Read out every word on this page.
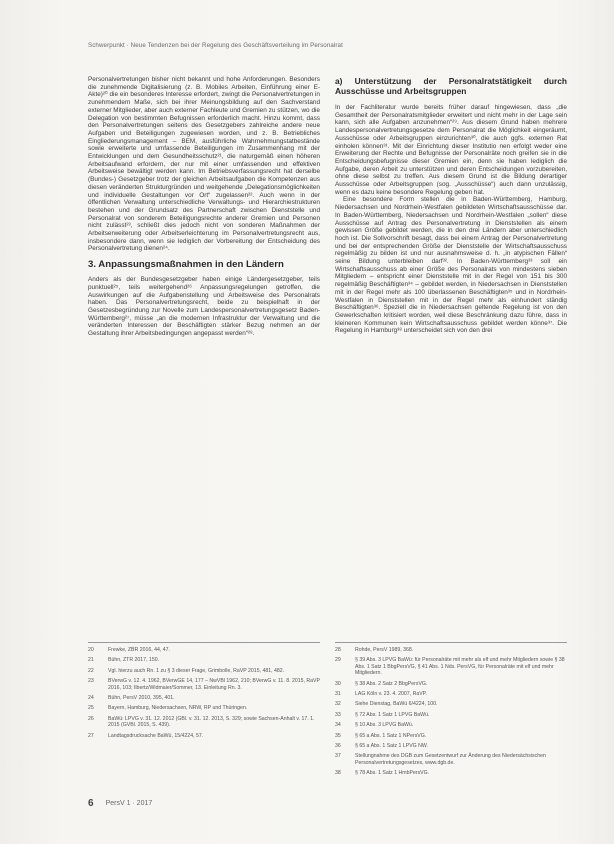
Schwerpunkt · Neue Tendenzen bei der Regelung des Geschäftsverteilung im Personalrat

Personalvertretungen bisher nicht bekannt und hohe Anforderungen. Besonders die zunehmende Digitalisierung (z. B. Mobiles Arbeiten, Einführung einer E-Akte)²⁰ die ein besonderes Interesse erfordert, zwingt die Personalvertretungen in zunehmendem Maße, sich bei ihrer Meinungsbildung auf den Sachverstand externer Mitglieder, aber auch externer Fachleute und Gremien zu stützen, wo die Delegation von bestimmten Befugnissen erforderlich macht. Hinzu kommt, dass den Personalvertretungen seitens des Gesetzgebers zahlreiche andere neue Aufgaben und Beteiligungen zugewiesen worden, und z. B. Betriebliches Eingliederungsmanagement – BEM, ausführliche Wahrnehmungstatbestände sowie erweiterte und umfassende Beteiligungen im Zusammenhang mit der Entwicklungen und dem Gesundheitsschutz²¹, die naturgemäß einen höheren Arbeitsaufwand erfordern, der nur mit einer umfassenden und effektiven Arbeitsweise bewältigt werden kann. Im Betriebsverfassungsrecht hat derselbe (Bundes-) Gesetzgeber trotz der gleichen Arbeitsaufgaben die Kompetenzen aus diesen veränderten Strukturgründen und weitgehende „Delegationsmöglichkeiten und individuelle Gestaltungen vor Ort“ zugelassen²². Auch wenn in der öffentlichen Verwaltung unterschiedliche Verwaltungs- und Hierarchiestrukturen bestehen und der Grundsatz des Partnerschaft zwischen Dienststelle und Personalrat von sonderem Beteiligungsrechte anderer Gremien und Personen nicht zulässt²³, schließt dies jedoch nicht von sonderen Maßnahmen der Arbeitserweiterung oder Arbeitserleichterung im Personalvertretungsrecht aus, insbesondere dann, wenn sie lediglich der Vorbereitung der Entscheidung des Personalvertretung dienen²⁴.

3. Anpassungsmaßnahmen in den Ländern

Anders als der Bundesgesetzgeber haben einige Ländergesetzgeber, teils punktuell²⁵, teils weitergehend²⁶ Anpassungsregelungen getroffen, die Auswirkungen auf die Aufgabenstellung und Arbeitsweise des Personalrats haben. Das Personalvertretungsrecht, beide zu beispielhaft in der Gesetzesbegründung zur Novelle zum Landespersonalvertretungsgesetz Baden-Württemberg²⁷, müsse „an die modernen Infrastruktur der Verwaltung und die veränderten Interessen der Beschäftigten stärker Bezug nehmen an der Gestaltung ihrer Arbeitsbedingungen angepasst werden“²⁸.

a) Unterstützung der Personalratstätigkeit durch Ausschüsse und Arbeitsgruppen

In der Fachliteratur wurde bereits früher darauf hingewiesen, dass „die Gesamtheit der Personalratsmitglieder erweitert und nicht mehr in der Lage sein kann, sich alle Aufgaben anzunehmen“²⁹. Aus diesem Grund haben mehrere Landespersonalvertretungsgesetze dem Personalrat die Möglichkeit eingeräumt, Ausschüsse oder Arbeitsgruppen einzurichten³⁰, die auch ggfs. externen Rat einholen können³¹. Mit der Einrichtung dieser Institutio nen erfolgt weder eine Erweiterung der Rechte und Befugnisse der Personalräte noch greifen sie in die Entscheidungsbefugnisse dieser Gremien ein, denn sie haben lediglich die Aufgabe, deren Arbeit zu unterstützen und deren Entscheidungen vorzubereiten, ohne diese selbst zu treffen. Aus diesem Grund ist die Bildung derartiger Ausschüsse oder Arbeitsgruppen (sog. „Ausschüsse“) auch dann unzulässig, wenn es dazu keine besondere Regelung geben hat.

Eine besondere Form stellen die in Baden-Württemberg, Hamburg, Niedersachsen und Nordrhein-Westfalen gebildeten Wirtschaftsausschüsse dar. In Baden-Württemberg, Niedersachsen und Nordrhein-Westfalen „sollen“ diese Ausschüsse auf Antrag des Personalvertretung in Dienststellen als einem gewissen Größe gebildet werden, die in den drei Ländern aber unterschiedlich hoch ist. Die Sollvorschrift besagt, dass bei einem Antrag der Personalvertretung und bei der entsprechenden Größe der Dienststelle der Wirtschaftsausschuss regelmäßig zu bilden ist und nur ausnahmsweise d. h. „in atypischen Fällen“ seine Bildung unterbleiben darf³². In Baden-Württemberg³³ soll ein Wirtschaftsausschuss ab einer Größe des Personalrats von mindestens sieben Mitgliedern – entspricht einer Dienststelle mit in der Regel von 151 bis 300 regelmäßig Beschäftigten³⁴ – gebildet werden, in Niedersachsen in Dienststellen mit in der Regel mehr als 100 überlassenen Beschäftigten³⁵ und in Nordrhein-Westfalen in Dienststellen mit in der Regel mehr als einhundert ständig Beschäftigten³⁶. Speziell die in Niedersachsen geltende Regelung ist von den Gewerkschaften kritisiert worden, weil diese Beschränkung dazu führe, dass in kleineren Kommunen kein Wirtschaftsausschuss gebildet werden könne³⁷. Die Regelung in Hamburg³⁸ unterscheidet sich von den drei

20	Frewke, ZBR 2016, 44, 47.
21	Bühn, ZTR 2017, 150.
22	Vgl. hierzu auch Rn. 1 zu § 3 dieser Frage, Grimbolle, RaVP 2015, 481, 482.
23	BVerwG v. 12. 4. 1962, BVerwGE 14, 177 – NwVBl 1962, 210; BVerwG v. 11. 8. 2015, RaVP 2016, 103; Ilbertz/Widmaier/Sommer, 13. Einleitung Rn. 3.
24	Bühn, PersV 2010, 395, 401.
25	Bayern, Hamburg, Niedersachsen, NRW, RP und Thüringen.
26	BaWü: LPVG v. 31. 12. 2012 (GBl. v. 31. 12. 2013, S. 329; sowie Sachsen-Anhalt v. 17. 1. 2015 (GVBl. 2015, S. 439).
27	Landtagsdrucksache BaWü, 15/4224, 57.
28	Rohde, PersV 1989, 368.
29	§ 39 Abs. 3 LPVG BaWü: für Personalräte mit mehr als elf und mehr Mitgliedern sowie § 38 Abs. 1 Satz 1 BbgPersVG, § 41 Abs. 1 Nds. PersVG, für Personalräte mit elf und mehr Mitgliedern.
30	§ 38 Abs. 2 Satz 2 BbgPersVG.
31	LAG Köln v. 23. 4. 2007, RaVP.
32	Siehe Dienstag, BaWü 6/4224, 100.
33	§ 72 Abs. 1 Satz 1 LPVG BaWü.
34	§ 10 Abs. 3 LPVG BaWü.
35	§ 65 a Abs. 1 Satz 1 NPersVG.
36	§ 65 a Abs. 1 Satz 1 LPVG NW.
37	Stellungnahme des DGB zum Gesetzentwurf zur Änderung des Niedersächsischen Personalvertretungsgesetzes, www.dgb.de.
38	§ 78 Abs. 1 Satz 1 HmbPersVG.
6 PersV 1 · 2017
